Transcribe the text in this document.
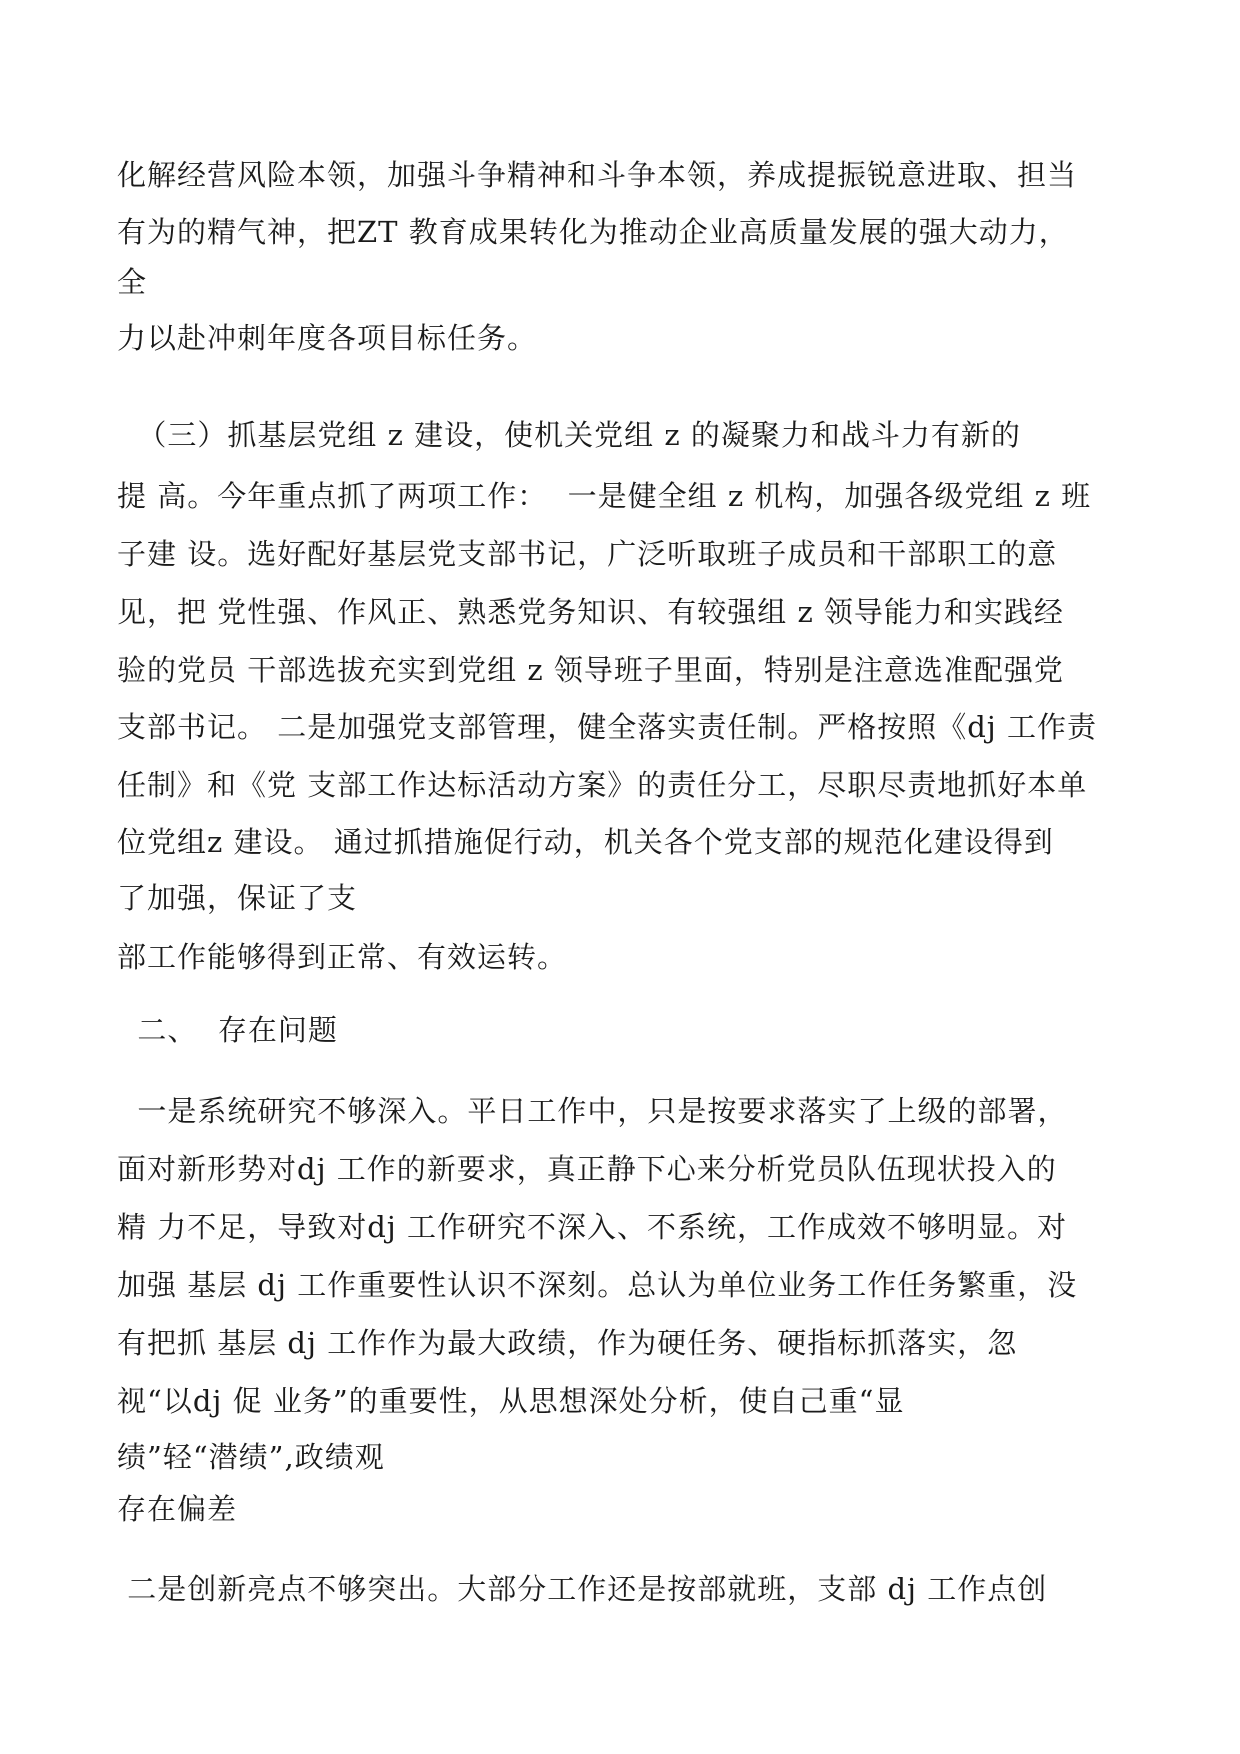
化解经营风险本领，加强斗争精神和斗争本领，养成提振锐意进取、担当
有为的精气神，把ZT 教育成果转化为推动企业高质量发展的强大动力，
全
力以赴冲刺年度各项目标任务。
（三）抓基层党组 z 建设，使机关党组 z 的凝聚力和战斗力有新的
提 高。今年重点抓了两项工作：  一是健全组 z 机构，加强各级党组 z 班
子建 设。选好配好基层党支部书记，广泛听取班子成员和干部职工的意
见，把 党性强、作风正、熟悉党务知识、有较强组 z 领导能力和实践经
验的党员 干部选拔充实到党组 z 领导班子里面，特别是注意选准配强党
支部书记。 二是加强党支部管理，健全落实责任制。严格按照《dj 工作责
任制》和《党 支部工作达标活动方案》的责任分工，尽职尽责地抓好本单
位党组z 建设。 通过抓措施促行动，机关各个党支部的规范化建设得到
了加强，保证了支
部工作能够得到正常、有效运转。
二、  存在问题
一是系统研究不够深入。平日工作中，只是按要求落实了上级的部署，
面对新形势对dj 工作的新要求，真正静下心来分析党员队伍现状投入的
精 力不足，导致对dj 工作研究不深入、不系统，工作成效不够明显。对
加强 基层 dj 工作重要性认识不深刻。总认为单位业务工作任务繁重，没
有把抓 基层 dj 工作作为最大政绩，作为硬任务、硬指标抓落实，忽
视“以dj 促 业务”的重要性，从思想深处分析，使自己重“显
绩”轻“潜绩”,政绩观
存在偏差
二是创新亮点不够突出。大部分工作还是按部就班，支部 dj 工作点创
